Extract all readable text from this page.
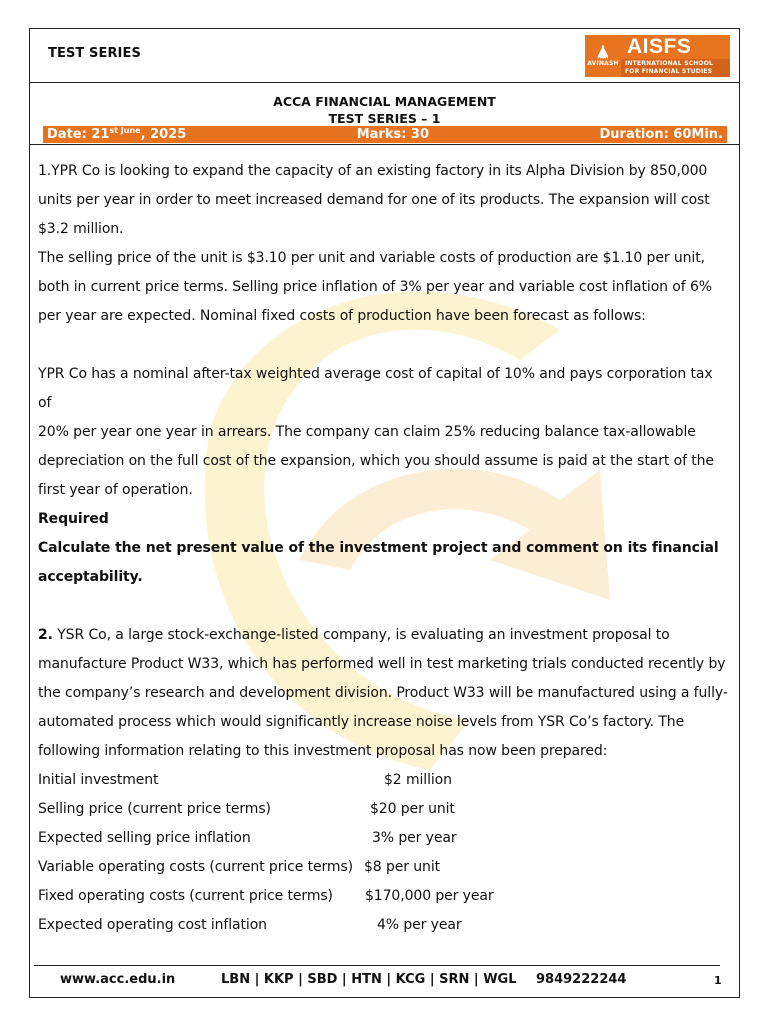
TEST SERIES	🛦
AVINASH
AISFS
INTERNATIONAL SCHOOL
FOR FINANCIAL STUDIES
ACCA FINANCIAL MANAGEMENT
TEST SERIES – 1
Date: $21^{st June}$, 2025	Marks: 30	Duration: 60Min.

1.YPR Co is looking to expand the capacity of an existing factory in its Alpha Division by 850,000

units per year in order to meet increased demand for one of its products. The expansion will cost

$3.2 million.

The selling price of the unit is $3.10 per unit and variable costs of production are $1.10 per unit,

both in current price terms. Selling price inflation of 3% per year and variable cost inflation of 6%

per year are expected. Nominal fixed costs of production have been forecast as follows:

YPR Co has a nominal after-tax weighted average cost of capital of 10% and pays corporation tax of

20% per year one year in arrears. The company can claim 25% reducing balance tax-allowable

depreciation on the full cost of the expansion, which you should assume is paid at the start of the

first year of operation.

Required

Calculate the net present value of the investment project and comment on its financial

acceptability.

2. YSR Co, a large stock-exchange-listed company, is evaluating an investment proposal to

manufacture Product W33, which has performed well in test marketing trials conducted recently by

the company’s research and development division. Product W33 will be manufactured using a fully-

automated process which would significantly increase noise levels from YSR Co’s factory. The

following information relating to this investment proposal has now been prepared:

Initial investment	$2 million
Selling price (current price terms)	$20 per unit
Expected selling price inflation	3% per year
Variable operating costs (current price terms) $8 per unit
Fixed operating costs (current price terms)	$170,000 per year
Expected operating cost inflation	4% per year
www.acc.edu.in	LBN | KKP | SBD | HTN | KCG | SRN | WGL 9849222244	1
